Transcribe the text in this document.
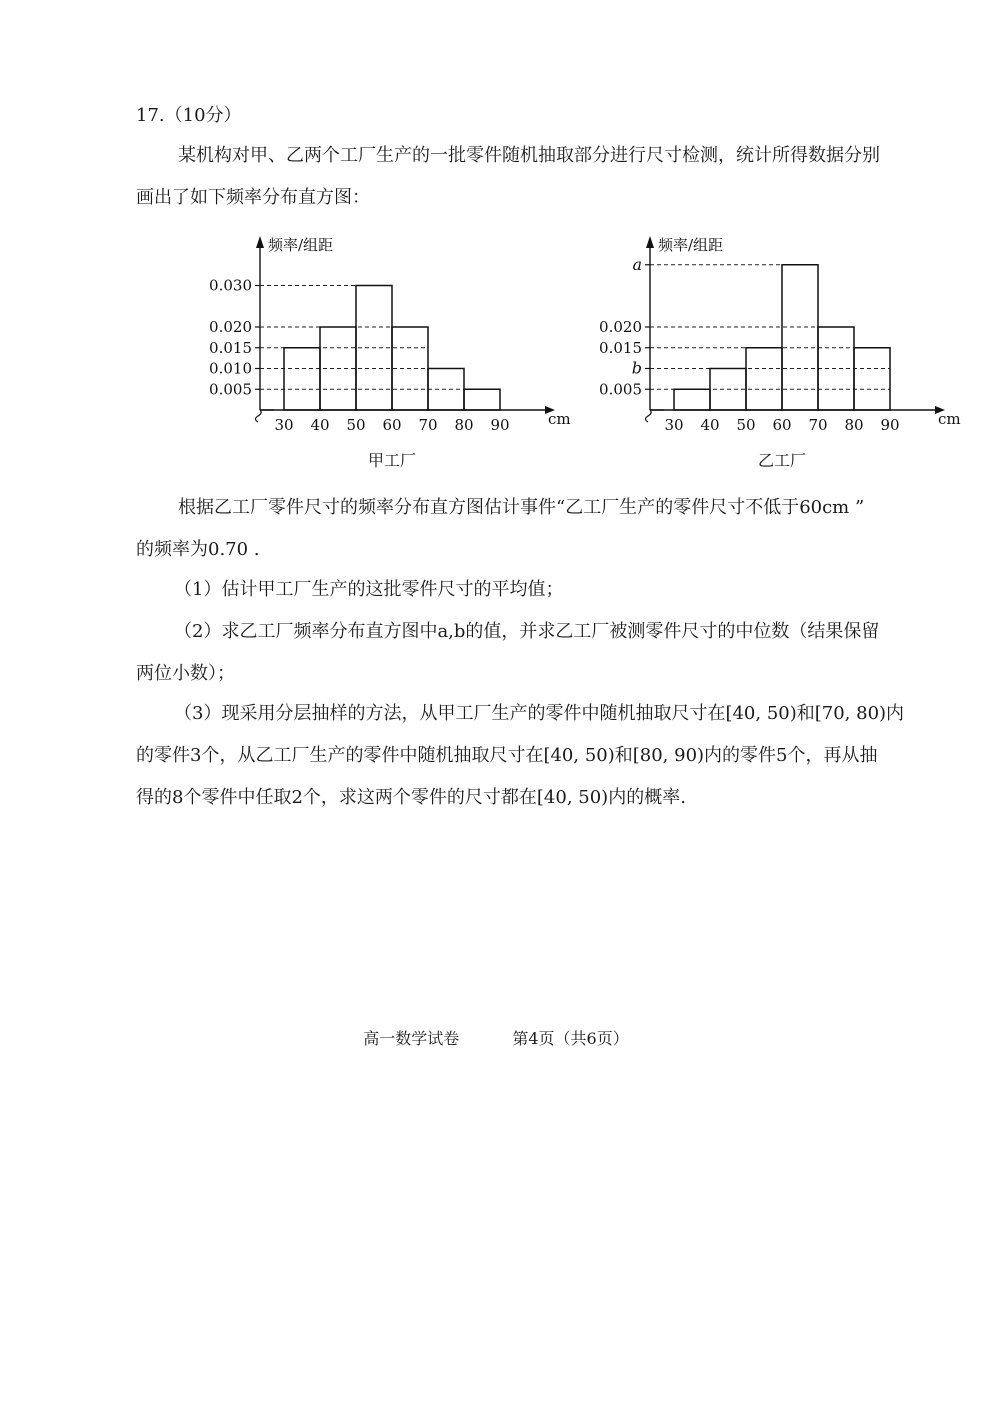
17.（10分）
某机构对甲、乙两个工厂生产的一批零件随机抽取部分进行尺寸检测，统计所得数据分别
画出了如下频率分布直方图：
频率/组距
cm
0.005
0.010
0.015
0.020
0.030
30 40 50 60 70 80 90
甲工厂
频率/组距
cm
0.005
b
0.015
0.020
a
30 40 50 60 70 80 90
乙工厂
根据乙工厂零件尺寸的频率分布直方图估计事件“乙工厂生产的零件尺寸不低于60cm ”
的频率为0.70 .
（1）估计甲工厂生产的这批零件尺寸的平均值；
（2）求乙工厂频率分布直方图中a,b的值，并求乙工厂被测零件尺寸的中位数（结果保留
两位小数）；
（3）现采用分层抽样的方法，从甲工厂生产的零件中随机抽取尺寸在[40, 50)和[70, 80)内
的零件3个，从乙工厂生产的零件中随机抽取尺寸在[40, 50)和[80, 90)内的零件5个，再从抽
得的8个零件中任取2个，求这两个零件的尺寸都在[40, 50)内的概率.
高一数学试卷	第4页（共6页）
